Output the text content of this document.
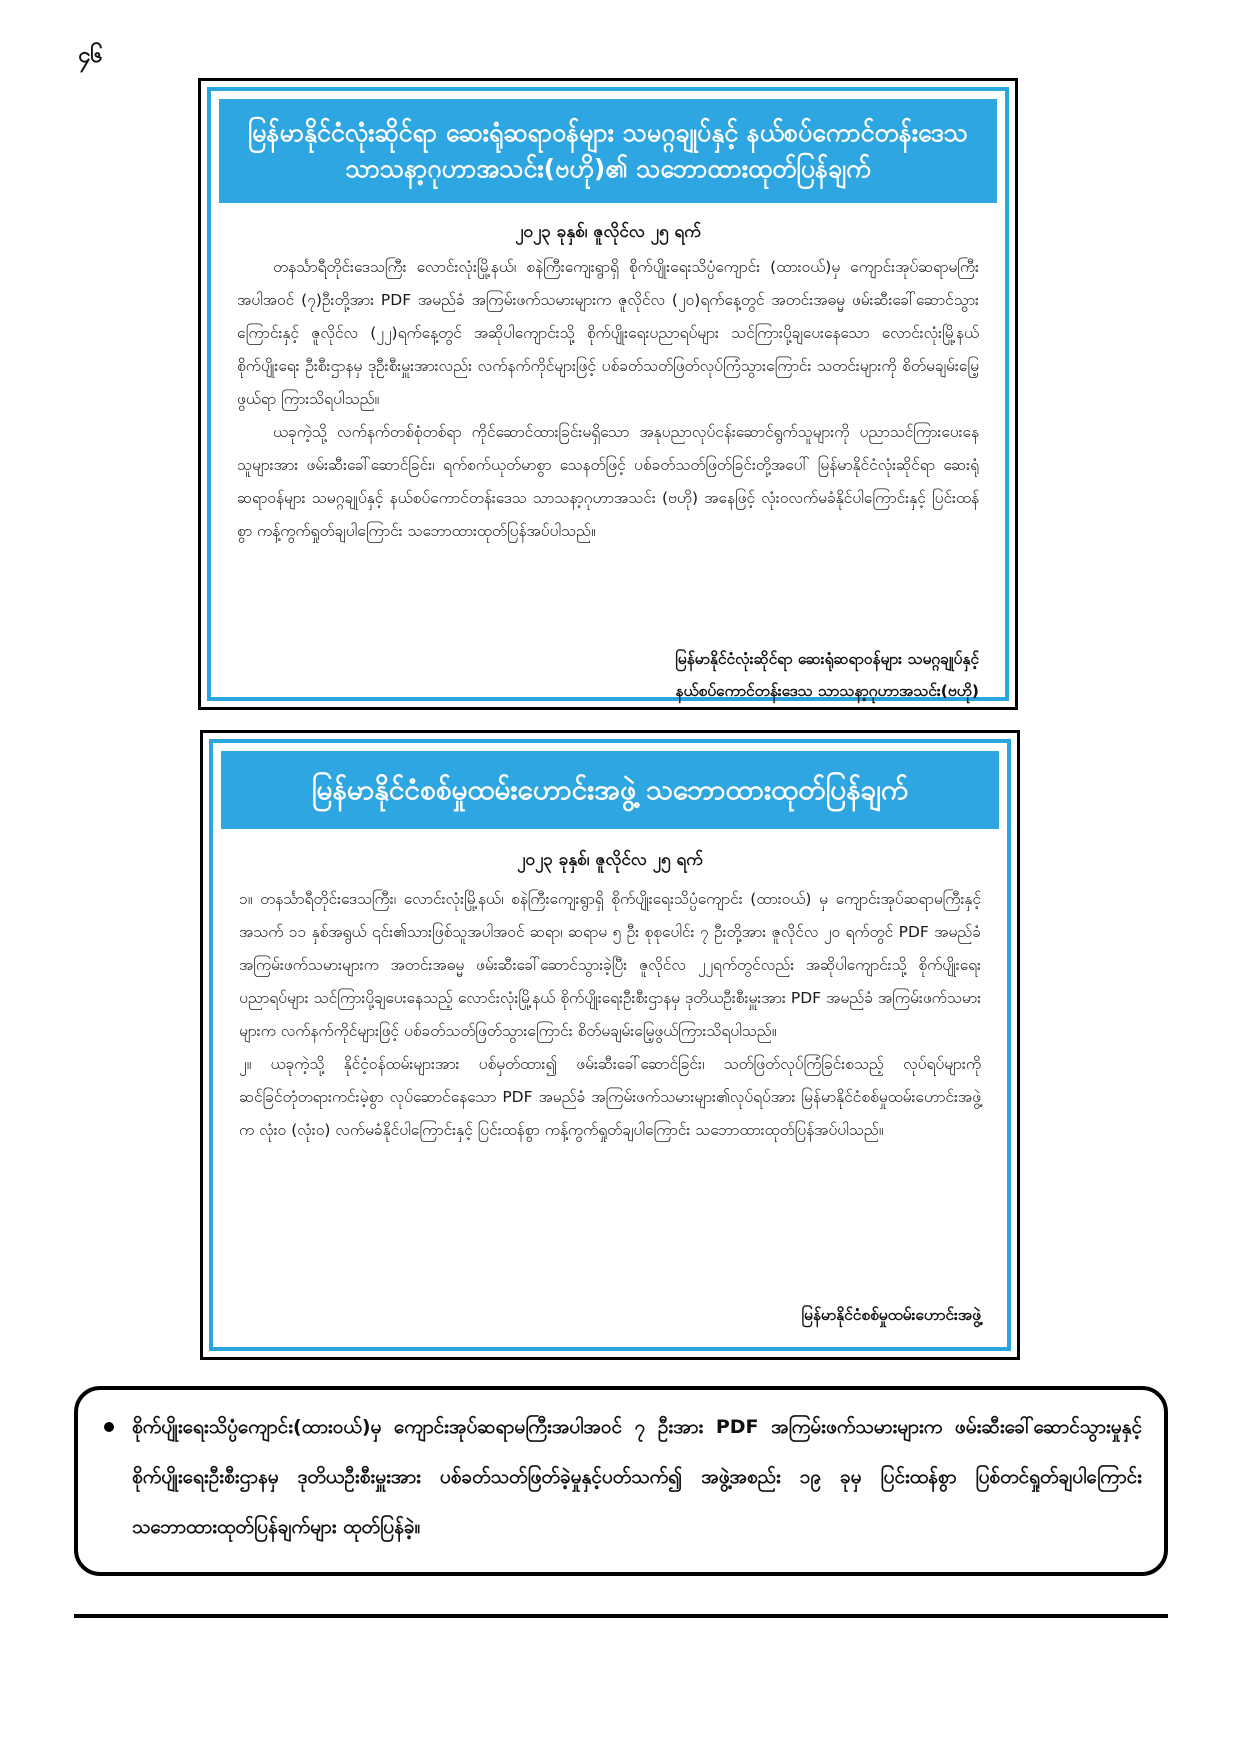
၄၆
မြန်မာနိုင်ငံလုံးဆိုင်ရာ ဆေးရုံဆရာဝန်များ သမဂ္ဂချုပ်နှင့် နယ်စပ်ကောင်တန်းဒေသ သာသနာ့ဂုဟာအသင်း(ဗဟို)၏ သဘောထားထုတ်ပြန်ချက်
၂၀၂၃ ခုနှစ်၊ ဇူလိုင်လ ၂၅ ရက်

တနင်္သာရီတိုင်းဒေသကြီး လောင်းလုံးမြို့နယ်၊ စနဲကြီးကျေးရွာရှိ စိုက်ပျိုးရေးသိပ္ပံကျောင်း (ထားဝယ်)မှ ကျောင်းအုပ်ဆရာမကြီးအပါအဝင် (၇)ဦးတို့အား PDF အမည်ခံ အကြမ်းဖက်သမားများက ဇူလိုင်လ (၂၀)ရက်နေ့တွင် အတင်းအဓမ္မ ဖမ်းဆီးခေါ်ဆောင်သွားကြောင်းနှင့် ဇူလိုင်လ (၂၂)ရက်နေ့တွင် အဆိုပါကျောင်းသို့ စိုက်ပျိုးရေးပညာရပ်များ သင်ကြားပို့ချပေးနေသော လောင်းလုံးမြို့နယ် စိုက်ပျိုးရေး ဦးစီးဌာနမှ ဒုဦးစီးမှူးအားလည်း လက်နက်ကိုင်များဖြင့် ပစ်ခတ်သတ်ဖြတ်လုပ်ကြံသွားကြောင်း သတင်းများကို စိတ်မချမ်းမြေ့ဖွယ်ရာ ကြားသိရပါသည်။

ယခုကဲ့သို့ လက်နက်တစ်စုံတစ်ရာ ကိုင်ဆောင်ထားခြင်းမရှိသော အနုပညာလုပ်ငန်းဆောင်ရွက်သူများကို ပညာသင်ကြားပေးနေသူများအား ဖမ်းဆီးခေါ်ဆောင်ခြင်း၊ ရက်စက်ယုတ်မာစွာ သေနတ်ဖြင့် ပစ်ခတ်သတ်ဖြတ်ခြင်းတို့အပေါ် မြန်မာနိုင်ငံလုံးဆိုင်ရာ ဆေးရုံဆရာဝန်များ သမဂ္ဂချုပ်နှင့် နယ်စပ်ကောင်တန်းဒေသ သာသနာ့ဂုဟာအသင်း (ဗဟို) အနေဖြင့် လုံးဝလက်မခံနိုင်ပါကြောင်းနှင့် ပြင်းထန်စွာ ကန့်ကွက်ရှုတ်ချပါကြောင်း သဘောထားထုတ်ပြန်အပ်ပါသည်။

မြန်မာနိုင်ငံလုံးဆိုင်ရာ ဆေးရုံဆရာဝန်များ သမဂ္ဂချုပ်နှင့်
နယ်စပ်ကောင်တန်းဒေသ သာသနာ့ဂုဟာအသင်း(ဗဟို)
မြန်မာနိုင်ငံစစ်မှုထမ်းဟောင်းအဖွဲ့ သဘောထားထုတ်ပြန်ချက်
၂၀၂၃ ခုနှစ်၊ ဇူလိုင်လ ၂၅ ရက်

၁။ တနင်္သာရီတိုင်းဒေသကြီး၊ လောင်းလုံးမြို့နယ်၊ စနဲကြီးကျေးရွာရှိ စိုက်ပျိုးရေးသိပ္ပံကျောင်း (ထားဝယ်) မှ ကျောင်းအုပ်ဆရာမကြီးနှင့် အသက် ၁၁ နှစ်အရွယ် ၎င်း၏သားဖြစ်သူအပါအဝင် ဆရာ၊ ဆရာမ ၅ ဦး စုစုပေါင်း ၇ ဦးတို့အား ဇူလိုင်လ ၂၀ ရက်တွင် PDF အမည်ခံ အကြမ်းဖက်သမားများက အတင်းအဓမ္မ ဖမ်းဆီးခေါ်ဆောင်သွားခဲ့ပြီး ဇူလိုင်လ ၂၂ရက်တွင်လည်း အဆိုပါကျောင်းသို့ စိုက်ပျိုးရေး ပညာရပ်များ သင်ကြားပို့ချပေးနေသည့် လောင်းလုံးမြို့နယ် စိုက်ပျိုးရေးဦးစီးဌာနမှ ဒုတိယဦးစီးမှူးအား PDF အမည်ခံ အကြမ်းဖက်သမားများက လက်နက်ကိုင်များဖြင့် ပစ်ခတ်သတ်ဖြတ်သွားကြောင်း စိတ်မချမ်းမြေ့ဖွယ်ကြားသိရပါသည်။

၂။ ယခုကဲ့သို့ နိုင်ငံ့ဝန်ထမ်းများအား ပစ်မှတ်ထား၍ ဖမ်းဆီးခေါ်ဆောင်ခြင်း၊ သတ်ဖြတ်လုပ်ကြံခြင်းစသည့် လုပ်ရပ်များကို ဆင်ခြင်တုံတရားကင်းမဲ့စွာ လုပ်ဆောင်နေသော PDF အမည်ခံ အကြမ်းဖက်သမားများ၏လုပ်ရပ်အား မြန်မာနိုင်ငံစစ်မှုထမ်းဟောင်းအဖွဲ့ က လုံးဝ (လုံးဝ) လက်မခံနိုင်ပါကြောင်းနှင့် ပြင်းထန်စွာ ကန့်ကွက်ရှုတ်ချပါကြောင်း သဘောထားထုတ်ပြန်အပ်ပါသည်။

မြန်မာနိုင်ငံစစ်မှုထမ်းဟောင်းအဖွဲ့
စိုက်ပျိုးရေးသိပ္ပံကျောင်း(ထားဝယ်)မှ ကျောင်းအုပ်ဆရာမကြီးအပါအဝင် ၇ ဦးအား PDF အကြမ်းဖက်သမားများက ဖမ်းဆီးခေါ်ဆောင်သွားမှုနှင့် စိုက်ပျိုးရေးဦးစီးဌာနမှ ဒုတိယဦးစီးမှူးအား ပစ်ခတ်သတ်ဖြတ်ခဲ့မှုနှင့်ပတ်သက်၍ အဖွဲ့အစည်း ၁၉ ခုမှ ပြင်းထန်စွာ ပြစ်တင်ရှုတ်ချပါကြောင်း သဘောထားထုတ်ပြန်ချက်များ ထုတ်ပြန်ခဲ့။
